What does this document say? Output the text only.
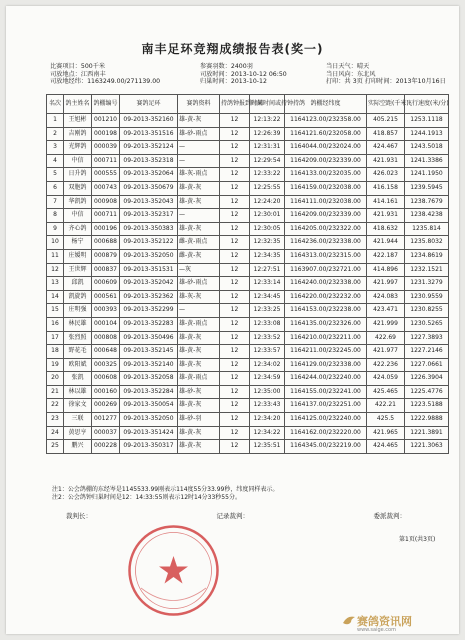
南丰足环竞翔成绩报告表(奖一)
比赛项目：500千米	参赛羽数：2400羽	当日天气：晴天
司放地点：江西南丰	司放时间：2013-10-12 06:50	当日风向：东北风
司放地经纬：1163249.00/271139.00	归巢时间：2013-10-12	打印：共 3页 打印时间：2013年10月16日
名次	鸽主姓名	鸽棚编号	赛鸽足环	赛鸽资料	持鸽钟报到时间	归巢时间或持钟持鸽	鸽棚经纬度	实际空距(千米)	飞行速度(米/分)
1	王旭彬	001210	09-2013-352160	雄-黄-灰	12	12:13:22	1164123.00/232358.00	405.215	1253.1118
2	吉刚鸽	000198	09-2013-351516	雄-砂-雨点	12	12:26:39	1164121.60/232058.00	418.857	1244.1913
3	光辉鸽	000039	09-2013-352124	—	12	12:31:31	1164044.00/232024.00	424.467	1243.5018
4	中信	000711	09-2013-352318	—	12	12:29:54	1164209.00/232339.00	421.931	1241.3386
5	日升鸽	000555	09-2013-352064	雄-灰-雨点	12	12:33:22	1164133.00/232035.00	426.023	1241.1950
6	双胞鸽	000743	09-2013-350679	雄-黄-灰	12	12:25:55	1164159.00/232038.00	416.158	1239.5945
7	华凯鸽	000908	09-2013-352043	雄-黄-灰	12	12:24:20	1164111.00/232038.00	414.161	1238.7679
8	中信	000711	09-2013-352317	—	12	12:30:01	1164209.00/232339.00	421.931	1238.4238
9	齐心鸽	000196	09-2013-350383	雄-黄-灰	12	12:30:05	1164205.00/232322.00	418.632	1235.814
10	杨宁	000688	09-2013-352122	雌-黄-雨点	12	12:32:35	1164236.00/232338.00	421.944	1235.8032
11	庄媛明	000879	09-2013-352050	雌-黄-灰	12	12:34:35	1164313.00/232315.00	422.187	1234.8619
12	王世辉	000837	09-2013-351531	—灰	12	12:27:51	1163907.00/232721.00	414.896	1232.1521
13	邱凯	000609	09-2013-352042	雄-砂-雨点	12	12:33:14	1164240.00/232338.00	421.997	1231.3279
14	凯旋鸽	000561	09-2013-352362	雄-灰-灰	12	12:34:45	1164220.00/232232.00	424.083	1230.9559
15	庄明强	000393	09-2013-352299	—	12	12:33:25	1164153.00/232238.00	423.471	1230.8255
16	林民雄	000104	09-2013-352283	雄-黄-雨点	12	12:33:08	1164135.00/232326.00	421.999	1230.5265
17	张烈照	000808	09-2013-350496	雄-黄-灰	12	12:33:52	1164210.00/232211.00	422.69	1227.3893
18	野花毛	000648	09-2013-352145	雄-黄-灰	12	12:33:57	1164211.00/232245.00	421.977	1227.2146
19	欧阳斌	000325	09-2013-352140	雄-黄-灰	12	12:34:02	1164129.00/232338.00	422.236	1227.0661
20	张凯	000608	09-2013-352058	雄-黄-雨点	12	12:34:59	1164244.00/232240.00	424.059	1226.3904
21	林以雄	000160	09-2013-352284	雄-砂-灰	12	12:35:00	1164155.00/232241.00	425.465	1225.4776
22	徐家文	000269	09-2013-350054	雄-黄-灰	12	12:33:43	1164137.00/232251.00	422.21	1223.5188
23	三联	001277	09-2013-352050	雄-砂-羽	12	12:34:20	1164125.00/232240.00	425.5	1222.9888
24	黄思亨	000037	09-2013-351424	雄-黄-灰	12	12:34:22	1164162.00/232220.00	421.965	1221.3891
25	鹏兴	000228	09-2013-350317	雄-黄-灰	12	12:35:51	1164345.00/232219.00	424.465	1221.3063
注1：公会鸽棚的东经岑是1145533.99刚表示114度55分33.99秒，纬度同样表示。
注2：公会鸽钟归巢时间是12：14:33:55则表示12时14分33秒55分。
裁判长：	记录裁判：	委派裁判：
第1页(共3页)
赛鸽资讯网
www.saige.com
